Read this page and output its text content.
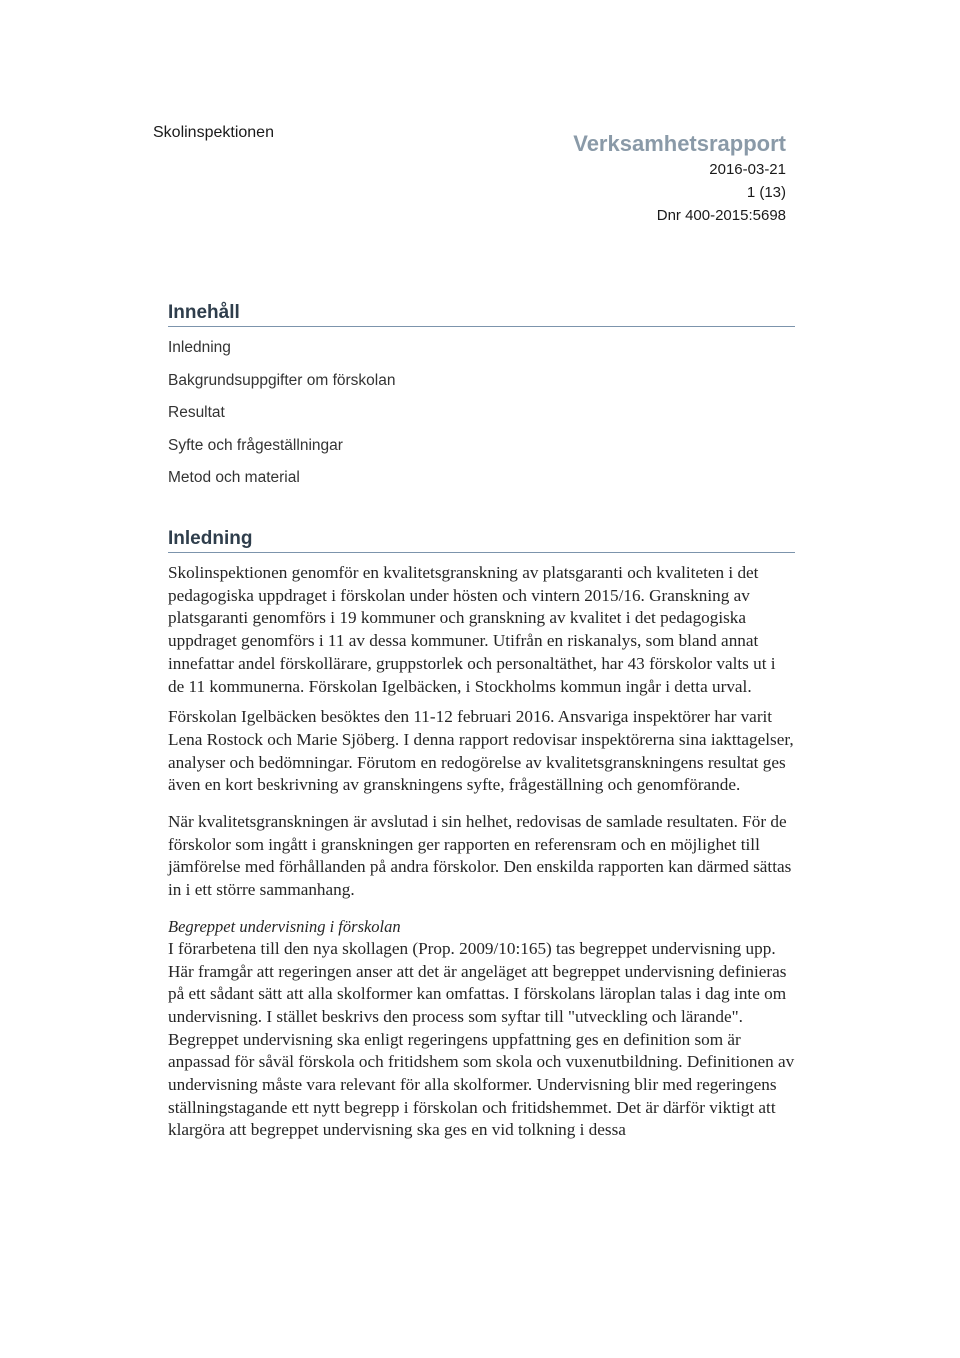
Skolinspektionen	Verksamhetsrapport
2016-03-21
1 (13)
Dnr 400-2015:5698
Innehåll
Inledning
Bakgrundsuppgifter om förskolan
Resultat
Syfte och frågeställningar
Metod och material
Inledning

Skolinspektionen genomför en kvalitetsgranskning av platsgaranti och kvaliteten i det pedagogiska uppdraget i förskolan under hösten och vintern 2015/16. Granskning av platsgaranti genomförs i 19 kommuner och granskning av kvalitet i det pedagogiska uppdraget genomförs i 11 av dessa kommuner. Utifrån en riskanalys, som bland annat innefattar andel förskollärare, gruppstorlek och personaltäthet, har 43 förskolor valts ut i de 11 kommunerna. Förskolan Igelbäcken, i Stockholms kommun ingår i detta urval.

Förskolan Igelbäcken besöktes den 11-12 februari 2016. Ansvariga inspektörer har varit Lena Rostock och Marie Sjöberg. I denna rapport redovisar inspektörerna sina iakttagelser, analyser och bedömningar. Förutom en redogörelse av kvalitetsgranskningens resultat ges även en kort beskrivning av granskningens syfte, frågeställning och genomförande.

När kvalitetsgranskningen är avslutad i sin helhet, redovisas de samlade resultaten. För de förskolor som ingått i granskningen ger rapporten en referensram och en möjlighet till jämförelse med förhållanden på andra förskolor. Den enskilda rapporten kan därmed sättas in i ett större sammanhang.

Begreppet undervisning i förskolan

I förarbetena till den nya skollagen (Prop. 2009/10:165) tas begreppet undervisning upp. Här framgår att regeringen anser att det är angeläget att begreppet undervisning definieras på ett sådant sätt att alla skolformer kan omfattas. I förskolans läroplan talas i dag inte om undervisning. I stället beskrivs den process som syftar till "utveckling och lärande". Begreppet undervisning ska enligt regeringens uppfattning ges en definition som är anpassad för såväl förskola och fritidshem som skola och vuxenutbildning. Definitionen av undervisning måste vara relevant för alla skolformer. Undervisning blir med regeringens ställningstagande ett nytt begrepp i förskolan och fritidshemmet. Det är därför viktigt att klargöra att begreppet undervisning ska ges en vid tolkning i dessa
